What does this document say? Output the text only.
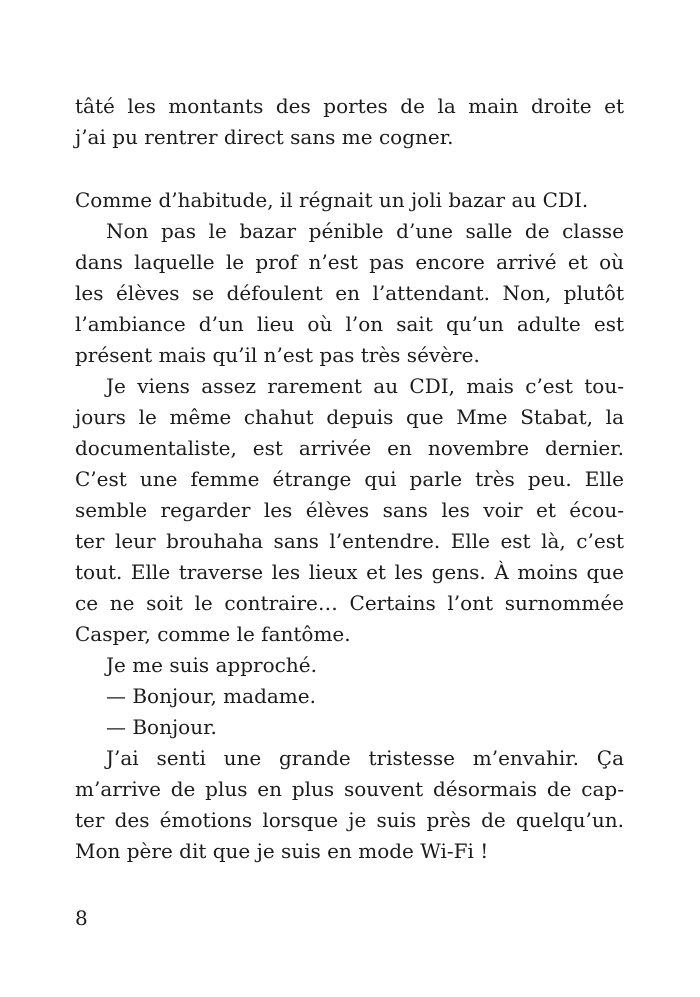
tâté les montants des portes de la main droite et
j’ai pu rentrer direct sans me cogner.
Comme d’habitude, il régnait un joli bazar au CDI.
Non pas le bazar pénible d’une salle de classe
dans laquelle le prof n’est pas encore arrivé et où
les élèves se défoulent en l’attendant. Non, plutôt
l’ambiance d’un lieu où l’on sait qu’un adulte est
présent mais qu’il n’est pas très sévère.
Je viens assez rarement au CDI, mais c’est tou-
jours le même chahut depuis que Mme Stabat, la
documentaliste, est arrivée en novembre dernier.
C’est une femme étrange qui parle très peu. Elle
semble regarder les élèves sans les voir et écou-
ter leur brouhaha sans l’entendre. Elle est là, c’est
tout. Elle traverse les lieux et les gens. À moins que
ce ne soit le contraire… Certains l’ont surnommée
Casper, comme le fantôme.
Je me suis approché.
— Bonjour, madame.
— Bonjour.
J’ai senti une grande tristesse m’envahir. Ça
m’arrive de plus en plus souvent désormais de cap-
ter des émotions lorsque je suis près de quelqu’un.
Mon père dit que je suis en mode Wi-Fi !
8
